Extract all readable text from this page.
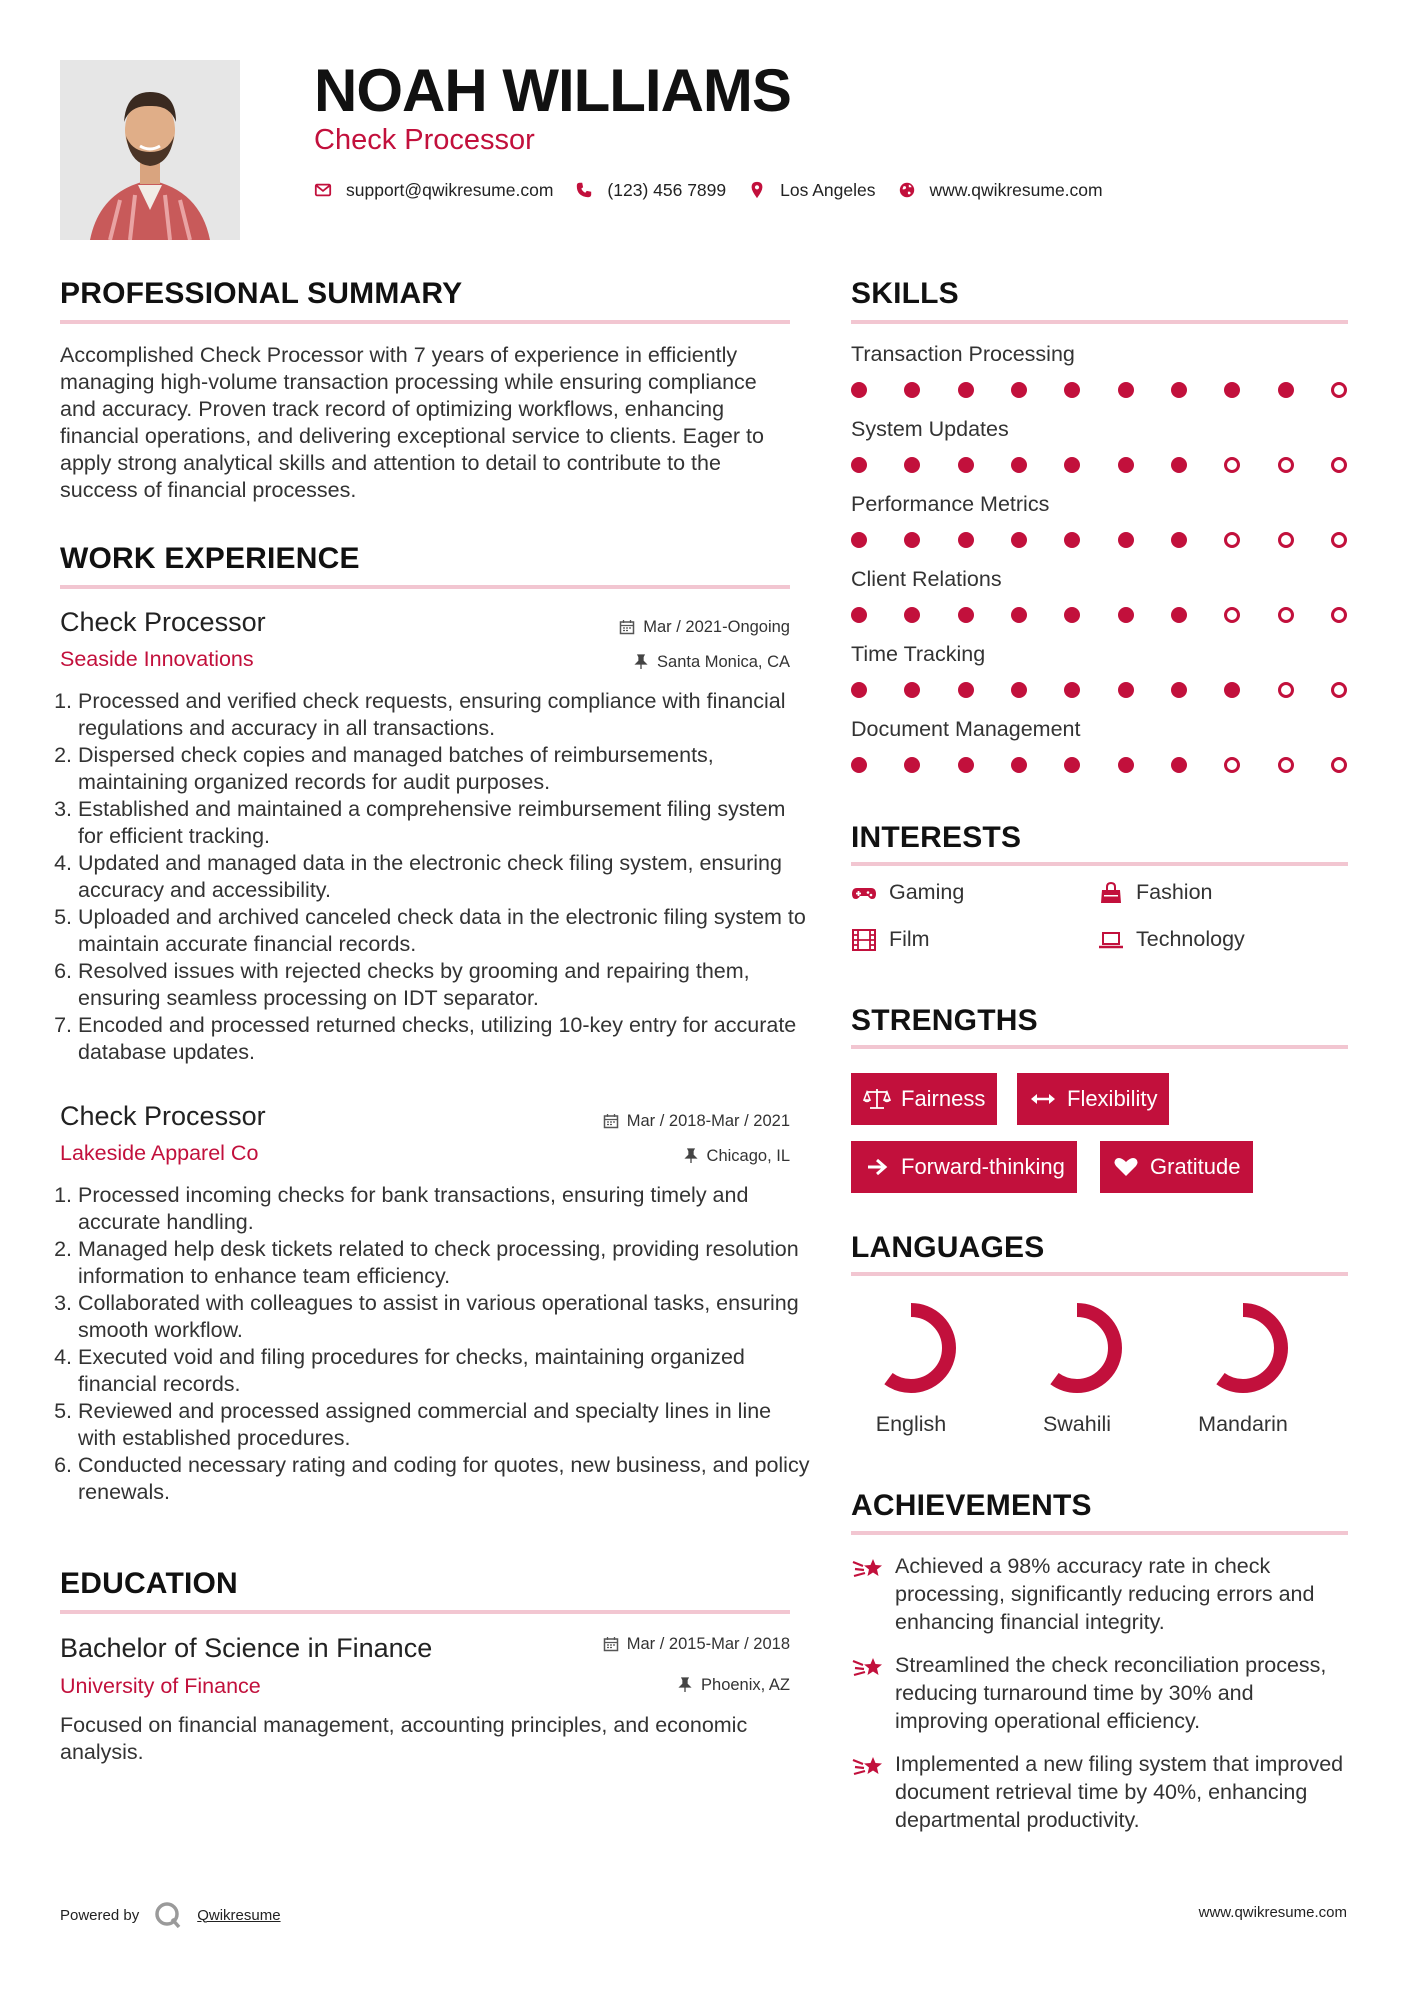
NOAH WILLIAMS
Check Processor
support@qwikresume.com	(123) 456 7899	Los Angeles	www.qwikresume.com
PROFESSIONAL SUMMARY
Accomplished Check Processor with 7 years of experience in efficiently managing high-volume transaction processing while ensuring compliance and accuracy. Proven track record of optimizing workflows, enhancing financial operations, and delivering exceptional service to clients. Eager to apply strong analytical skills and attention to detail to contribute to the success of financial processes.
WORK EXPERIENCE
Check Processor
Seaside Innovations
Mar / 2021-Ongoing
Santa Monica, CA
1. Processed and verified check requests, ensuring compliance with financial regulations and accuracy in all transactions.
2. Dispersed check copies and managed batches of reimbursements, maintaining organized records for audit purposes.
3. Established and maintained a comprehensive reimbursement filing system for efficient tracking.
4. Updated and managed data in the electronic check filing system, ensuring accuracy and accessibility.
5. Uploaded and archived canceled check data in the electronic filing system to maintain accurate financial records.
6. Resolved issues with rejected checks by grooming and repairing them, ensuring seamless processing on IDT separator.
7. Encoded and processed returned checks, utilizing 10-key entry for accurate database updates.
Check Processor
Lakeside Apparel Co
Mar / 2018-Mar / 2021
Chicago, IL
1. Processed incoming checks for bank transactions, ensuring timely and accurate handling.
2. Managed help desk tickets related to check processing, providing resolution information to enhance team efficiency.
3. Collaborated with colleagues to assist in various operational tasks, ensuring smooth workflow.
4. Executed void and filing procedures for checks, maintaining organized financial records.
5. Reviewed and processed assigned commercial and specialty lines in line with established procedures.
6. Conducted necessary rating and coding for quotes, new business, and policy renewals.
EDUCATION
Bachelor of Science in Finance
University of Finance
Mar / 2015-Mar / 2018
Phoenix, AZ
Focused on financial management, accounting principles, and economic analysis.
SKILLS
Transaction Processing
System Updates
Performance Metrics
Client Relations
Time Tracking
Document Management
INTERESTS
Gaming	Fashion
Film	Technology
STRENGTHS
Fairness	Flexibility
Forward-thinking	Gratitude
LANGUAGES
English	Swahili	Mandarin
ACHIEVEMENTS
Achieved a 98% accuracy rate in check processing, significantly reducing errors and enhancing financial integrity.
Streamlined the check reconciliation process, reducing turnaround time by 30% and improving operational efficiency.
Implemented a new filing system that improved document retrieval time by 40%, enhancing departmental productivity.
Powered by	Qwikresume	www.qwikresume.com
